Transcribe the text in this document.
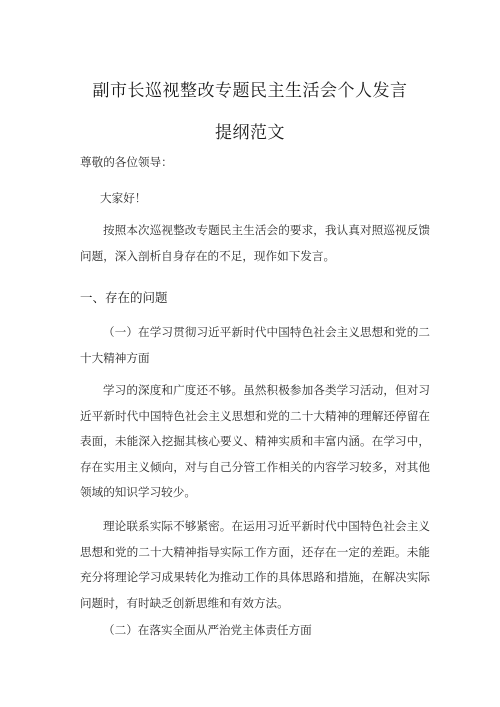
副市长巡视整改专题民主生活会个人发言
提纲范文

尊敬的各位领导：

大家好！

按照本次巡视整改专题民主生活会的要求，我认真对照巡视反馈问题，深入剖析自身存在的不足，现作如下发言。

一、存在的问题

（一）在学习贯彻习近平新时代中国特色社会主义思想和党的二十大精神方面

学习的深度和广度还不够。虽然积极参加各类学习活动，但对习近平新时代中国特色社会主义思想和党的二十大精神的理解还停留在表面，未能深入挖掘其核心要义、精神实质和丰富内涵。在学习中，存在实用主义倾向，对与自己分管工作相关的内容学习较多，对其他领域的知识学习较少。

理论联系实际不够紧密。在运用习近平新时代中国特色社会主义思想和党的二十大精神指导实际工作方面，还存在一定的差距。未能充分将理论学习成果转化为推动工作的具体思路和措施，在解决实际问题时，有时缺乏创新思维和有效方法。

（二）在落实全面从严治党主体责任方面
